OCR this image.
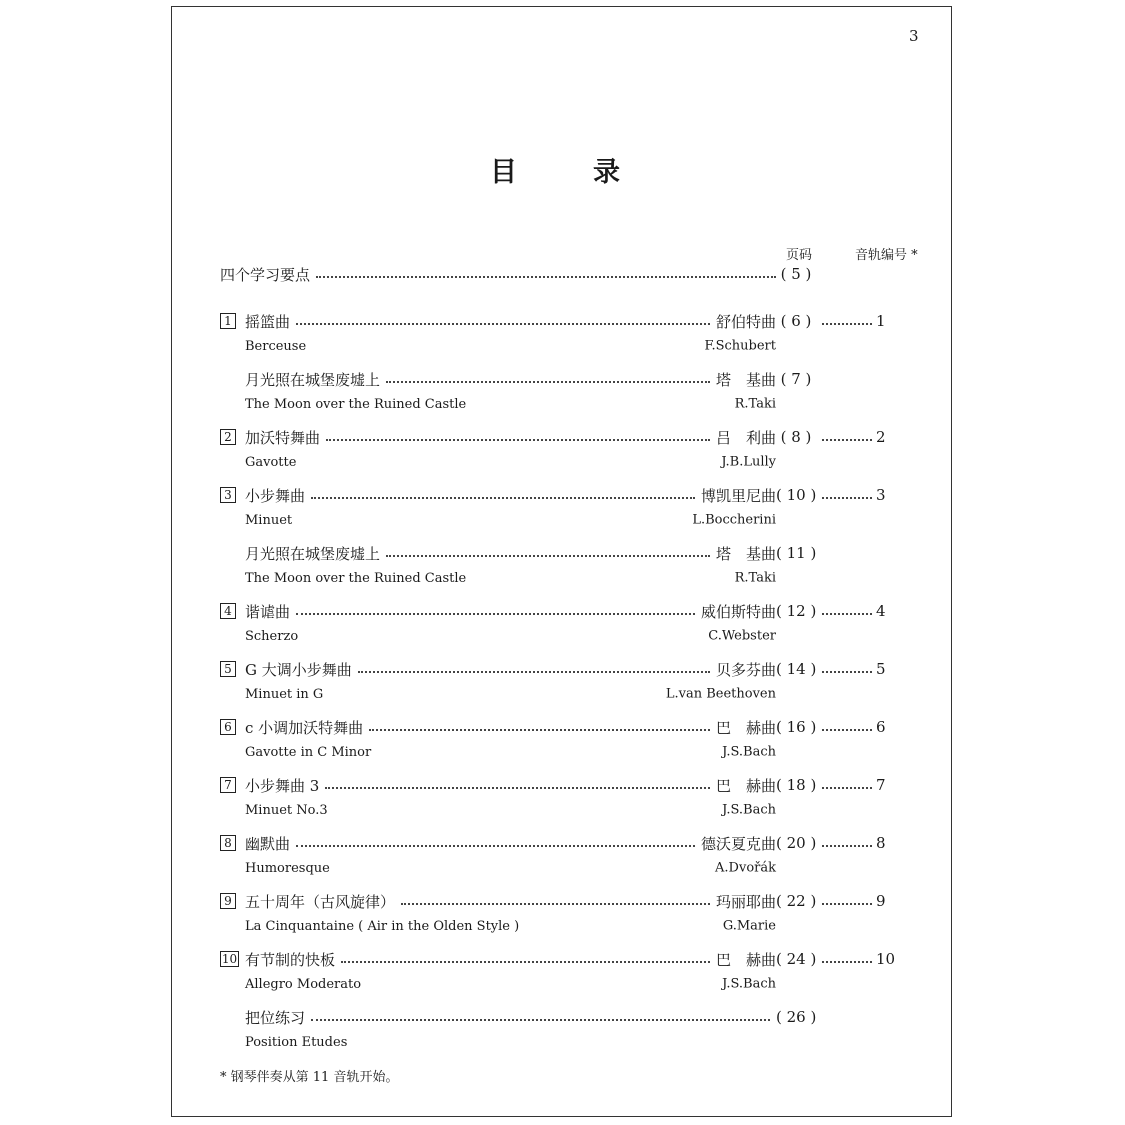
3
目	录
页码	音轨编号 *
四个学习要点	( 5 )
1 摇篮曲	舒伯特曲 ( 6 )	1
Berceuse	F.Schubert
月光照在城堡废墟上	塔　基曲 ( 7 )
The Moon over the Ruined Castle	R.Taki
2 加沃特舞曲	吕　利曲 ( 8 )	2
Gavotte	J.B.Lully
3 小步舞曲	博凯里尼曲 ( 10 )	3
Minuet	L.Boccherini
月光照在城堡废墟上	塔　基曲 ( 11 )
The Moon over the Ruined Castle	R.Taki
4 谐谑曲	威伯斯特曲 ( 12 )	4
Scherzo	C.Webster
5 G 大调小步舞曲	贝多芬曲 ( 14 )	5
Minuet in G	L.van Beethoven
6 c 小调加沃特舞曲	巴　赫曲 ( 16 )	6
Gavotte in C Minor	J.S.Bach
7 小步舞曲 3	巴　赫曲 ( 18 )	7
Minuet No.3	J.S.Bach
8 幽默曲	德沃夏克曲 ( 20 )	8
Humoresque	A.Dvořák
9 五十周年（古风旋律）	玛丽耶曲 ( 22 )	9
La Cinquantaine ( Air in the Olden Style )	G.Marie
10 有节制的快板	巴　赫曲 ( 24 )	10
Allegro Moderato	J.S.Bach
把位练习	( 26 )
Position Etudes
* 钢琴伴奏从第 11 音轨开始。
